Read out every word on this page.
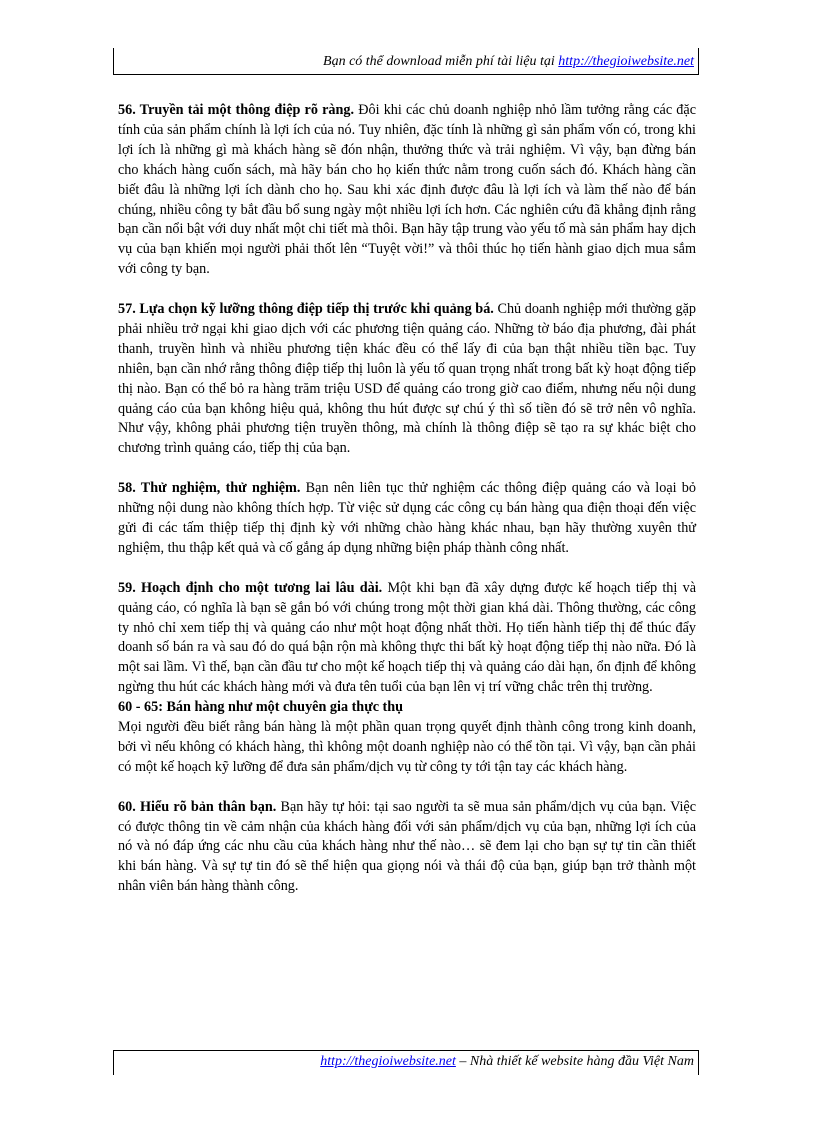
Bạn có thể download miễn phí tài liệu tại http://thegioiwebsite.net

56. Truyền tải một thông điệp rõ ràng. Đôi khi các chủ doanh nghiệp nhỏ lầm tưởng rằng các đặc tính của sản phẩm chính là lợi ích của nó. Tuy nhiên, đặc tính là những gì sản phẩm vốn có, trong khi lợi ích là những gì mà khách hàng sẽ đón nhận, thưởng thức và trải nghiệm. Vì vậy, bạn đừng bán cho khách hàng cuốn sách, mà hãy bán cho họ kiến thức nằm trong cuốn sách đó. Khách hàng cần biết đâu là những lợi ích dành cho họ. Sau khi xác định được đâu là lợi ích và làm thế nào để bán chúng, nhiều công ty bắt đầu bổ sung ngày một nhiều lợi ích hơn. Các nghiên cứu đã khẳng định rằng bạn cần nổi bật với duy nhất một chi tiết mà thôi. Bạn hãy tập trung vào yếu tố mà sản phẩm hay dịch vụ của bạn khiến mọi người phải thốt lên “Tuyệt vời!” và thôi thúc họ tiến hành giao dịch mua sắm với công ty bạn.

57. Lựa chọn kỹ lưỡng thông điệp tiếp thị trước khi quảng bá. Chủ doanh nghiệp mới thường gặp phải nhiều trở ngại khi giao dịch với các phương tiện quảng cáo. Những tờ báo địa phương, đài phát thanh, truyền hình và nhiều phương tiện khác đều có thể lấy đi của bạn thật nhiều tiền bạc. Tuy nhiên, bạn cần nhớ rằng thông điệp tiếp thị luôn là yếu tố quan trọng nhất trong bất kỳ hoạt động tiếp thị nào. Bạn có thể bỏ ra hàng trăm triệu USD để quảng cáo trong giờ cao điểm, nhưng nếu nội dung quảng cáo của bạn không hiệu quả, không thu hút được sự chú ý thì số tiền đó sẽ trở nên vô nghĩa. Như vậy, không phải phương tiện truyền thông, mà chính là thông điệp sẽ tạo ra sự khác biệt cho chương trình quảng cáo, tiếp thị của bạn.

58. Thử nghiệm, thử nghiệm. Bạn nên liên tục thử nghiệm các thông điệp quảng cáo và loại bỏ những nội dung nào không thích hợp. Từ việc sử dụng các công cụ bán hàng qua điện thoại đến việc gửi đi các tấm thiệp tiếp thị định kỳ với những chào hàng khác nhau, bạn hãy thường xuyên thử nghiệm, thu thập kết quả và cố gắng áp dụng những biện pháp thành công nhất.

59. Hoạch định cho một tương lai lâu dài. Một khi bạn đã xây dựng được kế hoạch tiếp thị và quảng cáo, có nghĩa là bạn sẽ gắn bó với chúng trong một thời gian khá dài. Thông thường, các công ty nhỏ chỉ xem tiếp thị và quảng cáo như một hoạt động nhất thời. Họ tiến hành tiếp thị để thúc đẩy doanh số bán ra và sau đó do quá bận rộn mà không thực thi bất kỳ hoạt động tiếp thị nào nữa. Đó là một sai lầm. Vì thế, bạn cần đầu tư cho một kế hoạch tiếp thị và quảng cáo dài hạn, ổn định để không ngừng thu hút các khách hàng mới và đưa tên tuổi của bạn lên vị trí vững chắc trên thị trường.

60 - 65: Bán hàng như một chuyên gia thực thụ

Mọi người đều biết rằng bán hàng là một phần quan trọng quyết định thành công trong kinh doanh, bởi vì nếu không có khách hàng, thì không một doanh nghiệp nào có thể tồn tại. Vì vậy, bạn cần phải có một kế hoạch kỹ lưỡng để đưa sản phẩm/dịch vụ từ công ty tới tận tay các khách hàng.

60. Hiểu rõ bản thân bạn. Bạn hãy tự hỏi: tại sao người ta sẽ mua sản phẩm/dịch vụ của bạn. Việc có được thông tin về cảm nhận của khách hàng đối với sản phẩm/dịch vụ của bạn, những lợi ích của nó và nó đáp ứng các nhu cầu của khách hàng như thế nào… sẽ đem lại cho bạn sự tự tin cần thiết khi bán hàng. Và sự tự tin đó sẽ thể hiện qua giọng nói và thái độ của bạn, giúp bạn trở thành một nhân viên bán hàng thành công.

http://thegioiwebsite.net – Nhà thiết kế website hàng đầu Việt Nam
